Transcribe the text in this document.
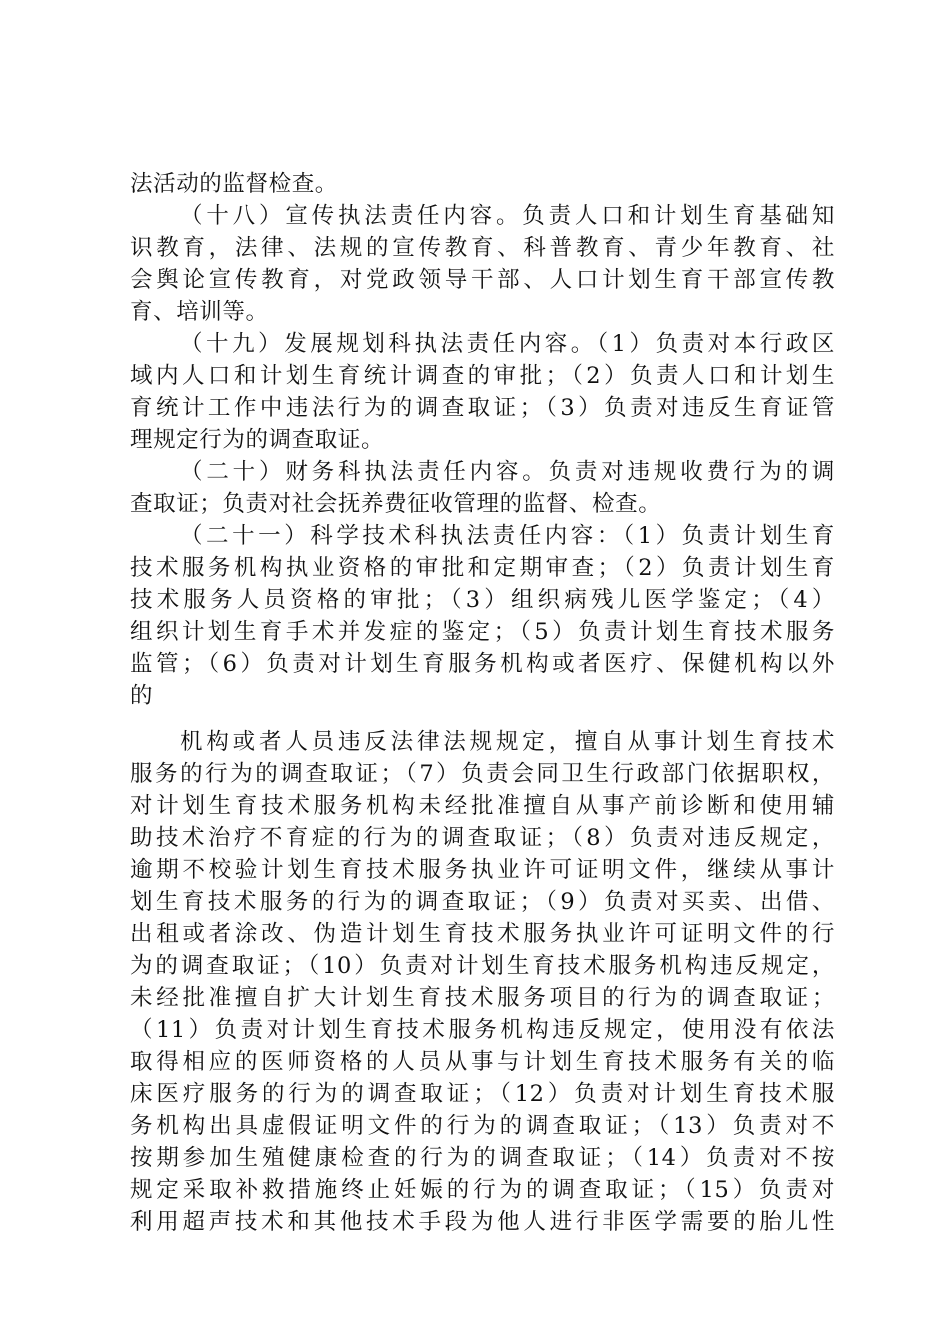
法活动的监督检查。
（十八）宣传执法责任内容。负责人口和计划生育基础知
识教育，法律、法规的宣传教育、科普教育、青少年教育、社
会舆论宣传教育，对党政领导干部、人口计划生育干部宣传教
育、培训等。
（十九）发展规划科执法责任内容。（1）负责对本行政区
域内人口和计划生育统计调查的审批；（2）负责人口和计划生
育统计工作中违法行为的调查取证；（3）负责对违反生育证管
理规定行为的调查取证。
（二十）财务科执法责任内容。负责对违规收费行为的调
查取证；负责对社会抚养费征收管理的监督、检查。
（二十一）科学技术科执法责任内容：（1）负责计划生育
技术服务机构执业资格的审批和定期审查；（2）负责计划生育
技术服务人员资格的审批；（3）组织病残儿医学鉴定；（4）
组织计划生育手术并发症的鉴定；（5）负责计划生育技术服务
监管；（6）负责对计划生育服务机构或者医疗、保健机构以外
的
机构或者人员违反法律法规规定，擅自从事计划生育技术
服务的行为的调查取证；（7）负责会同卫生行政部门依据职权，
对计划生育技术服务机构未经批准擅自从事产前诊断和使用辅
助技术治疗不育症的行为的调查取证；（8）负责对违反规定，
逾期不校验计划生育技术服务执业许可证明文件，继续从事计
划生育技术服务的行为的调查取证；（9）负责对买卖、出借、
出租或者涂改、伪造计划生育技术服务执业许可证明文件的行
为的调查取证；（10）负责对计划生育技术服务机构违反规定，
未经批准擅自扩大计划生育技术服务项目的行为的调查取证；
（11）负责对计划生育技术服务机构违反规定，使用没有依法
取得相应的医师资格的人员从事与计划生育技术服务有关的临
床医疗服务的行为的调查取证；（12）负责对计划生育技术服
务机构出具虚假证明文件的行为的调查取证；（13）负责对不
按期参加生殖健康检查的行为的调查取证；（14）负责对不按
规定采取补救措施终止妊娠的行为的调查取证；（15）负责对
利用超声技术和其他技术手段为他人进行非医学需要的胎儿性
